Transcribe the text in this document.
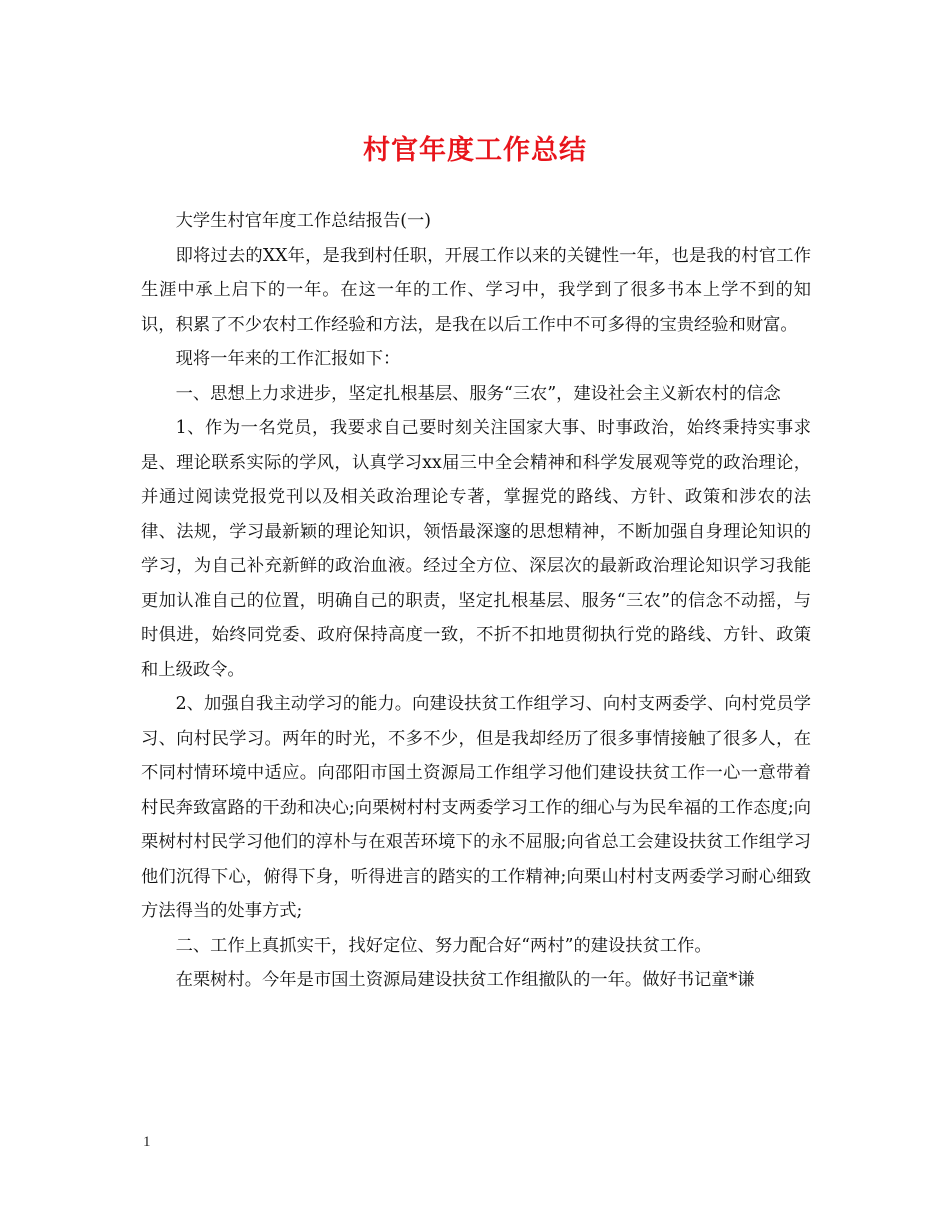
村官年度工作总结

大学生村官年度工作总结报告(一)

即将过去的XX年，是我到村任职，开展工作以来的关键性一年，也是我的村官工作生涯中承上启下的一年。在这一年的工作、学习中，我学到了很多书本上学不到的知识，积累了不少农村工作经验和方法，是我在以后工作中不可多得的宝贵经验和财富。

现将一年来的工作汇报如下：

一、思想上力求进步，坚定扎根基层、服务“三农”，建设社会主义新农村的信念

1、作为一名党员，我要求自己要时刻关注国家大事、时事政治，始终秉持实事求是、理论联系实际的学风，认真学习xx届三中全会精神和科学发展观等党的政治理论，并通过阅读党报党刊以及相关政治理论专著，掌握党的路线、方针、政策和涉农的法律、法规，学习最新颖的理论知识，领悟最深邃的思想精神，不断加强自身理论知识的学习，为自己补充新鲜的政治血液。经过全方位、深层次的最新政治理论知识学习我能更加认准自己的位置，明确自己的职责，坚定扎根基层、服务“三农”的信念不动摇，与时俱进，始终同党委、政府保持高度一致，不折不扣地贯彻执行党的路线、方针、政策和上级政令。

2、加强自我主动学习的能力。向建设扶贫工作组学习、向村支两委学、向村党员学习、向村民学习。两年的时光，不多不少，但是我却经历了很多事情接触了很多人，在不同村情环境中适应。向邵阳市国土资源局工作组学习他们建设扶贫工作一心一意带着村民奔致富路的干劲和决心;向栗树村村支两委学习工作的细心与为民牟福的工作态度;向栗树村村民学习他们的淳朴与在艰苦环境下的永不屈服;向省总工会建设扶贫工作组学习他们沉得下心，俯得下身，听得进言的踏实的工作精神;向栗山村村支两委学习耐心细致方法得当的处事方式;

二、工作上真抓实干，找好定位、努力配合好“两村”的建设扶贫工作。

在栗树村。今年是市国土资源局建设扶贫工作组撤队的一年。做好书记童*谦

1
